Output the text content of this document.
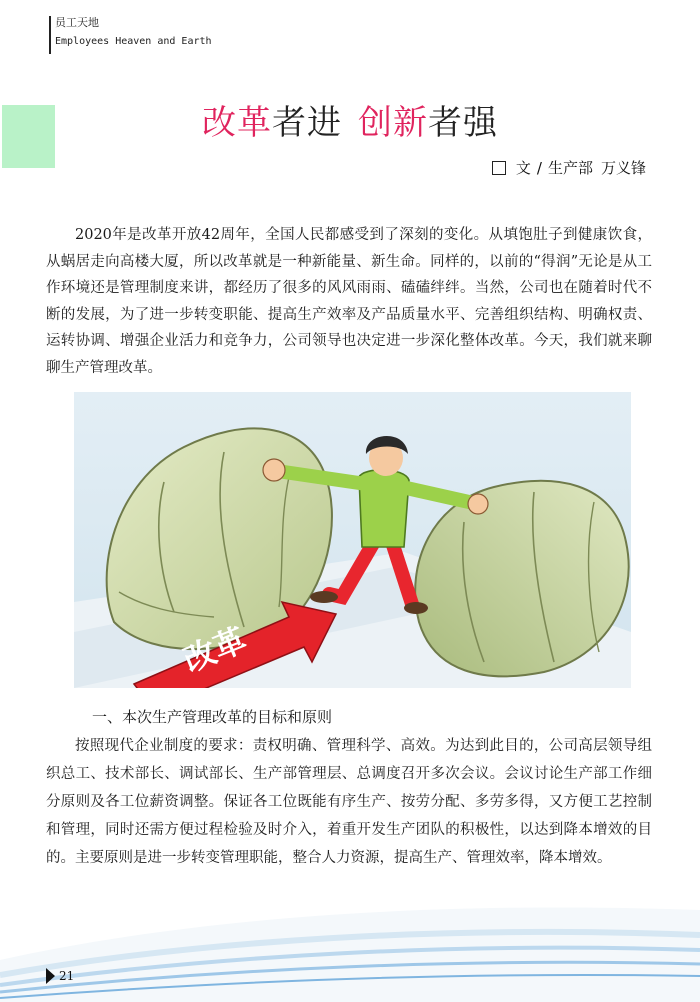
员工天地
Employees Heaven and Earth
改革者进 创新者强
文 / 生产部 万义锋

2020年是改革开放42周年，全国人民都感受到了深刻的变化。从填饱肚子到健康饮食，从蜗居走向高楼大厦，所以改革就是一种新能量、新生命。同样的，以前的“得润”无论是从工作环境还是管理制度来讲，都经历了很多的风风雨雨、磕磕绊绊。当然，公司也在随着时代不断的发展，为了进一步转变职能、提高生产效率及产品质量水平、完善组织结构、明确权责、运转协调、增强企业活力和竞争力，公司领导也决定进一步深化整体改革。今天，我们就来聊聊生产管理改革。

改革
一、本次生产管理改革的目标和原则

按照现代企业制度的要求：责权明确、管理科学、高效。为达到此目的，公司高层领导组织总工、技术部长、调试部长、生产部管理层、总调度召开多次会议。会议讨论生产部工作细分原则及各工位薪资调整。保证各工位既能有序生产、按劳分配、多劳多得，又方便工艺控制和管理，同时还需方便过程检验及时介入，着重开发生产团队的积极性，以达到降本增效的目的。主要原则是进一步转变管理职能，整合人力资源，提高生产、管理效率，降本增效。

21
